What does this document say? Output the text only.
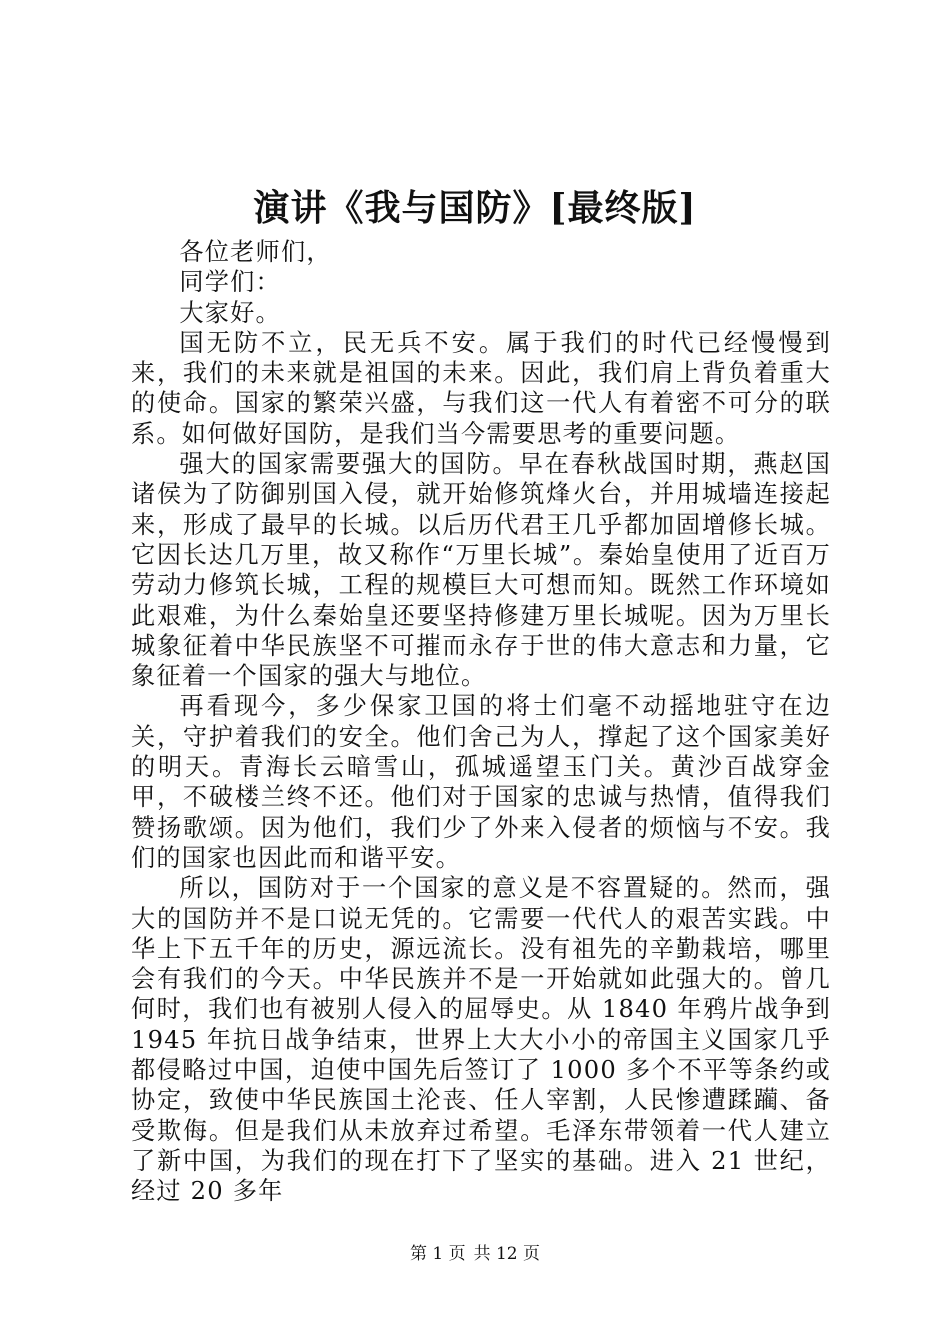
演讲《我与国防》[最终版]

各位老师们，

同学们：

大家好。

国无防不立，民无兵不安。属于我们的时代已经慢慢到来，我们的未来就是祖国的未来。因此，我们肩上背负着重大的使命。国家的繁荣兴盛，与我们这一代人有着密不可分的联系。如何做好国防，是我们当今需要思考的重要问题。

强大的国家需要强大的国防。早在春秋战国时期，燕赵国诸侯为了防御别国入侵，就开始修筑烽火台，并用城墙连接起来，形成了最早的长城。以后历代君王几乎都加固增修长城。它因长达几万里，故又称作“万里长城”。秦始皇使用了近百万劳动力修筑长城，工程的规模巨大可想而知。既然工作环境如此艰难，为什么秦始皇还要坚持修建万里长城呢。因为万里长城象征着中华民族坚不可摧而永存于世的伟大意志和力量，它象征着一个国家的强大与地位。

再看现今，多少保家卫国的将士们毫不动摇地驻守在边关，守护着我们的安全。他们舍己为人，撑起了这个国家美好的明天。青海长云暗雪山，孤城遥望玉门关。黄沙百战穿金甲，不破楼兰终不还。他们对于国家的忠诚与热情，值得我们赞扬歌颂。因为他们，我们少了外来入侵者的烦恼与不安。我们的国家也因此而和谐平安。

所以，国防对于一个国家的意义是不容置疑的。然而，强大的国防并不是口说无凭的。它需要一代代人的艰苦实践。中华上下五千年的历史，源远流长。没有祖先的辛勤栽培，哪里会有我们的今天。中华民族并不是一开始就如此强大的。曾几何时，我们也有被别人侵入的屈辱史。从 1840 年鸦片战争到 1945 年抗日战争结束，世界上大大小小的帝国主义国家几乎都侵略过中国，迫使中国先后签订了 1000 多个不平等条约或协定，致使中华民族国土沦丧、任人宰割，人民惨遭蹂躏、备受欺侮。但是我们从未放弃过希望。毛泽东带领着一代人建立了新中国，为我们的现在打下了坚实的基础。进入 21 世纪，经过 20 多年

第 1 页 共 12 页
